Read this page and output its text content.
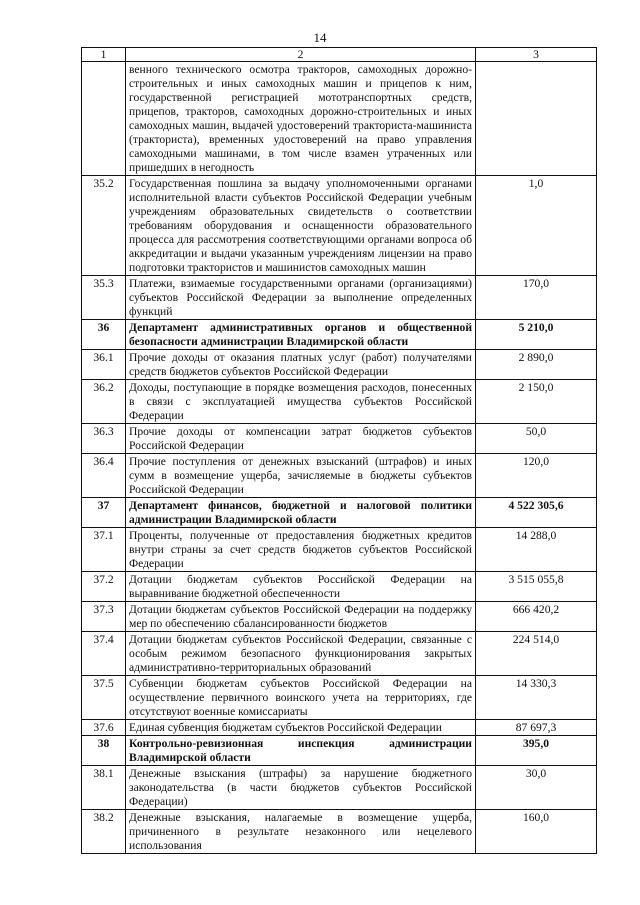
14
1	2	3
	венного технического осмотра тракторов, самоходных дорожно-строительных и иных самоходных машин и прицепов к ним, государственной регистрацией мототранспортных средств, прицепов, тракторов, самоходных дорожно-строительных и иных самоходных машин, выдачей удостоверений тракториста-машиниста (тракториста), временных удостоверений на право управления самоходными машинами, в том числе взамен утраченных или пришедших в негодность	
35.2	Государственная пошлина за выдачу уполномоченными органами исполнительной власти субъектов Российской Федерации учебным учреждениям образовательных свидетельств о соответствии требованиям оборудования и оснащенности образовательного процесса для рассмотрения соответствующими органами вопроса об аккредитации и выдачи указанным учреждениям лицензии на право подготовки трактористов и машинистов самоходных машин	1,0
35.3	Платежи, взимаемые государственными органами (организациями) субъектов Российской Федерации за выполнение определенных функций	170,0
36	Департамент административных органов и общественной безопасности администрации Владимирской области	5 210,0
36.1	Прочие доходы от оказания платных услуг (работ) получателями средств бюджетов субъектов Российской Федерации	2 890,0
36.2	Доходы, поступающие в порядке возмещения расходов, понесенных в связи с эксплуатацией имущества субъектов Российской Федерации	2 150,0
36.3	Прочие доходы от компенсации затрат бюджетов субъектов Российской Федерации	50,0
36.4	Прочие поступления от денежных взысканий (штрафов) и иных сумм в возмещение ущерба, зачисляемые в бюджеты субъектов Российской Федерации	120,0
37	Департамент финансов, бюджетной и налоговой политики администрации Владимирской области	4 522 305,6
37.1	Проценты, полученные от предоставления бюджетных кредитов внутри страны за счет средств бюджетов субъектов Российской Федерации	14 288,0
37.2	Дотации бюджетам субъектов Российской Федерации на выравнивание бюджетной обеспеченности	3 515 055,8
37.3	Дотации бюджетам субъектов Российской Федерации на поддержку мер по обеспечению сбалансированности бюджетов	666 420,2
37.4	Дотации бюджетам субъектов Российской Федерации, связанные с особым режимом безопасного функционирования закрытых административно-территориальных образований	224 514,0
37.5	Субвенции бюджетам субъектов Российской Федерации на осуществление первичного воинского учета на территориях, где отсутствуют военные комиссариаты	14 330,3
37.6	Единая субвенция бюджетам субъектов Российской Федерации	87 697,3
38	Контрольно-ревизионная инспекция администрации Владимирской области	395,0
38.1	Денежные взыскания (штрафы) за нарушение бюджетного законодательства (в части бюджетов субъектов Российской Федерации)	30,0
38.2	Денежные взыскания, налагаемые в возмещение ущерба, причиненного в результате незаконного или нецелевого использования	160,0
